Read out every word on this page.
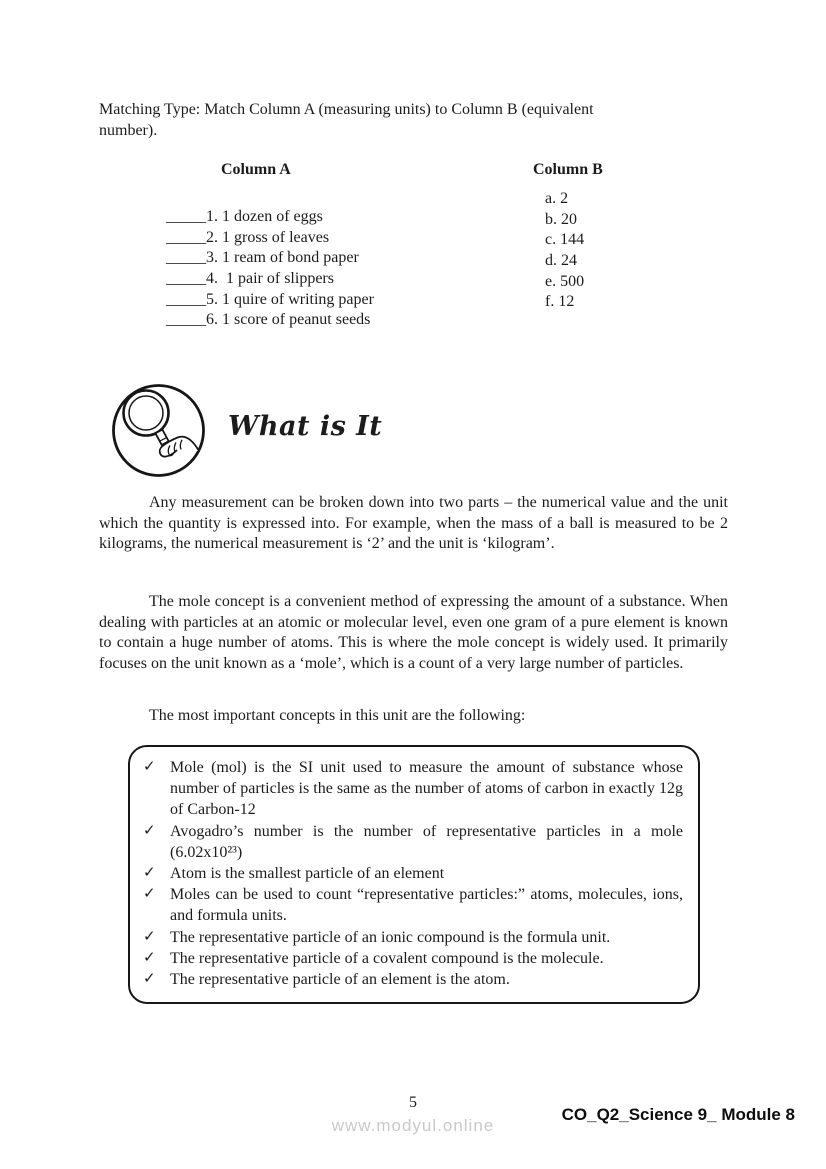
Matching Type: Match Column A (measuring units) to Column B (equivalent
number).
Column A	Column B

_____1. 1 dozen of eggs

a. 2

_____2. 1 gross of leaves

b. 20

_____3. 1 ream of bond paper

c. 144

_____4.  1 pair of slippers

d. 24

_____5. 1 quire of writing paper

e. 500

_____6. 1 score of peanut seeds

f. 12

What is It
Any measurement can be broken down into two parts – the numerical value and the unit which the quantity is expressed into. For example, when the mass of a ball is measured to be 2 kilograms, the numerical measurement is ‘2’ and the unit is ‘kilogram’.
The mole concept is a convenient method of expressing the amount of a substance. When dealing with particles at an atomic or molecular level, even one gram of a pure element is known to contain a huge number of atoms. This is where the mole concept is widely used. It primarily focuses on the unit known as a ‘mole’, which is a count of a very large number of particles.
The most important concepts in this unit are the following:
✓ Mole (mol) is the SI unit used to measure the amount of substance whose number of particles is the same as the number of atoms of carbon in exactly 12g of Carbon-12
✓ Avogadro’s number is the number of representative particles in a mole (6.02x10²³)
✓ Atom is the smallest particle of an element
✓ Moles can be used to count “representative particles:” atoms, molecules, ions, and formula units.
✓ The representative particle of an ionic compound is the formula unit.
✓ The representative particle of a covalent compound is the molecule.
✓ The representative particle of an element is the atom.
5
www.modyul.online
CO_Q2_Science 9_ Module 8
